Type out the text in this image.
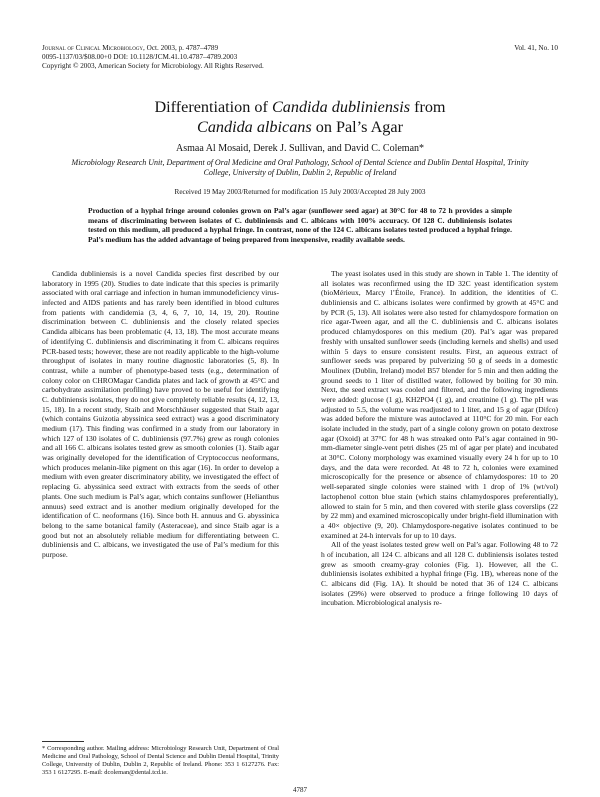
Journal of Clinical Microbiology, Oct. 2003, p. 4787–4789	Vol. 41, No. 10
0095-1137/03/$08.00+0 DOI: 10.1128/JCM.41.10.4787–4789.2003
Copyright © 2003, American Society for Microbiology. All Rights Reserved.
Differentiation of Candida dubliniensis from
Candida albicans on Pal’s Agar
Asmaa Al Mosaid, Derek J. Sullivan, and David C. Coleman*
Microbiology Research Unit, Department of Oral Medicine and Oral Pathology, School of Dental Science and Dublin Dental Hospital, Trinity College, University of Dublin, Dublin 2, Republic of Ireland
Received 19 May 2003/Returned for modification 15 July 2003/Accepted 28 July 2003
Production of a hyphal fringe around colonies grown on Pal’s agar (sunflower seed agar) at 30°C for 48 to 72 h provides a simple means of discriminating between isolates of C. dubliniensis and C. albicans with 100% accuracy. Of 128 C. dubliniensis isolates tested on this medium, all produced a hyphal fringe. In contrast, none of the 124 C. albicans isolates tested produced a hyphal fringe. Pal’s medium has the added advantage of being prepared from inexpensive, readily available seeds.

Candida dubliniensis is a novel Candida species first described by our laboratory in 1995 (20). Studies to date indicate that this species is primarily associated with oral carriage and infection in human immunodeficiency virus-infected and AIDS patients and has rarely been identified in blood cultures from patients with candidemia (3, 4, 6, 7, 10, 14, 19, 20). Routine discrimination between C. dubliniensis and the closely related species Candida albicans has been problematic (4, 13, 18). The most accurate means of identifying C. dubliniensis and discriminating it from C. albicans requires PCR-based tests; however, these are not readily applicable to the high-volume throughput of isolates in many routine diagnostic laboratories (5, 8). In contrast, while a number of phenotype-based tests (e.g., determination of colony color on CHROMagar Candida plates and lack of growth at 45°C and carbohydrate assimilation profiling) have proved to be useful for identifying C. dubliniensis isolates, they do not give completely reliable results (4, 12, 13, 15, 18). In a recent study, Staib and Morschhäuser suggested that Staib agar (which contains Guizotia abyssinica seed extract) was a good discriminatory medium (17). This finding was confirmed in a study from our laboratory in which 127 of 130 isolates of C. dubliniensis (97.7%) grew as rough colonies and all 166 C. albicans isolates tested grew as smooth colonies (1). Staib agar was originally developed for the identification of Cryptococcus neoformans, which produces melanin-like pigment on this agar (16). In order to develop a medium with even greater discriminatory ability, we investigated the effect of replacing G. abyssinica seed extract with extracts from the seeds of other plants. One such medium is Pal’s agar, which contains sunflower (Helianthus annuus) seed extract and is another medium originally developed for the identification of C. neoformans (16). Since both H. annuus and G. abyssinica belong to the same botanical family (Asteraceae), and since Staib agar is a good but not an absolutely reliable medium for differentiating between C. dubliniensis and C. albicans, we investigated the use of Pal’s medium for this purpose.

The yeast isolates used in this study are shown in Table 1. The identity of all isolates was reconfirmed using the ID 32C yeast identification system (bioMérieux, Marcy l’Étoile, France). In addition, the identities of C. dubliniensis and C. albicans isolates were confirmed by growth at 45°C and by PCR (5, 13). All isolates were also tested for chlamydospore formation on rice agar-Tween agar, and all the C. dubliniensis and C. albicans isolates produced chlamydospores on this medium (20). Pal’s agar was prepared freshly with unsalted sunflower seeds (including kernels and shells) and used within 5 days to ensure consistent results. First, an aqueous extract of sunflower seeds was prepared by pulverizing 50 g of seeds in a domestic Moulinex (Dublin, Ireland) model B57 blender for 5 min and then adding the ground seeds to 1 liter of distilled water, followed by boiling for 30 min. Next, the seed extract was cooled and filtered, and the following ingredients were added: glucose (1 g), KH2PO4 (1 g), and creatinine (1 g). The pH was adjusted to 5.5, the volume was readjusted to 1 liter, and 15 g of agar (Difco) was added before the mixture was autoclaved at 110°C for 20 min. For each isolate included in the study, part of a single colony grown on potato dextrose agar (Oxoid) at 37°C for 48 h was streaked onto Pal’s agar contained in 90-mm-diameter single-vent petri dishes (25 ml of agar per plate) and incubated at 30°C. Colony morphology was examined visually every 24 h for up to 10 days, and the data were recorded. At 48 to 72 h, colonies were examined microscopically for the presence or absence of chlamydospores: 10 to 20 well-separated single colonies were stained with 1 drop of 1% (wt/vol) lactophenol cotton blue stain (which stains chlamydospores preferentially), allowed to stain for 5 min, and then covered with sterile glass coverslips (22 by 22 mm) and examined microscopically under bright-field illumination with a 40× objective (9, 20). Chlamydospore-negative isolates continued to be examined at 24-h intervals for up to 10 days.

All of the yeast isolates tested grew well on Pal’s agar. Following 48 to 72 h of incubation, all 124 C. albicans and all 128 C. dubliniensis isolates tested grew as smooth creamy-gray colonies (Fig. 1). However, all the C. dubliniensis isolates exhibited a hyphal fringe (Fig. 1B), whereas none of the C. albicans did (Fig. 1A). It should be noted that 36 of 124 C. albicans isolates (29%) were observed to produce a fringe following 10 days of incubation. Microbiological analysis re-

* Corresponding author. Mailing address: Microbiology Research Unit, Department of Oral Medicine and Oral Pathology, School of Dental Science and Dublin Dental Hospital, Trinity College, University of Dublin, Dublin 2, Republic of Ireland. Phone: 353 1 6127276. Fax: 353 1 6127295. E-mail: dcoleman@dental.tcd.ie.
4787
